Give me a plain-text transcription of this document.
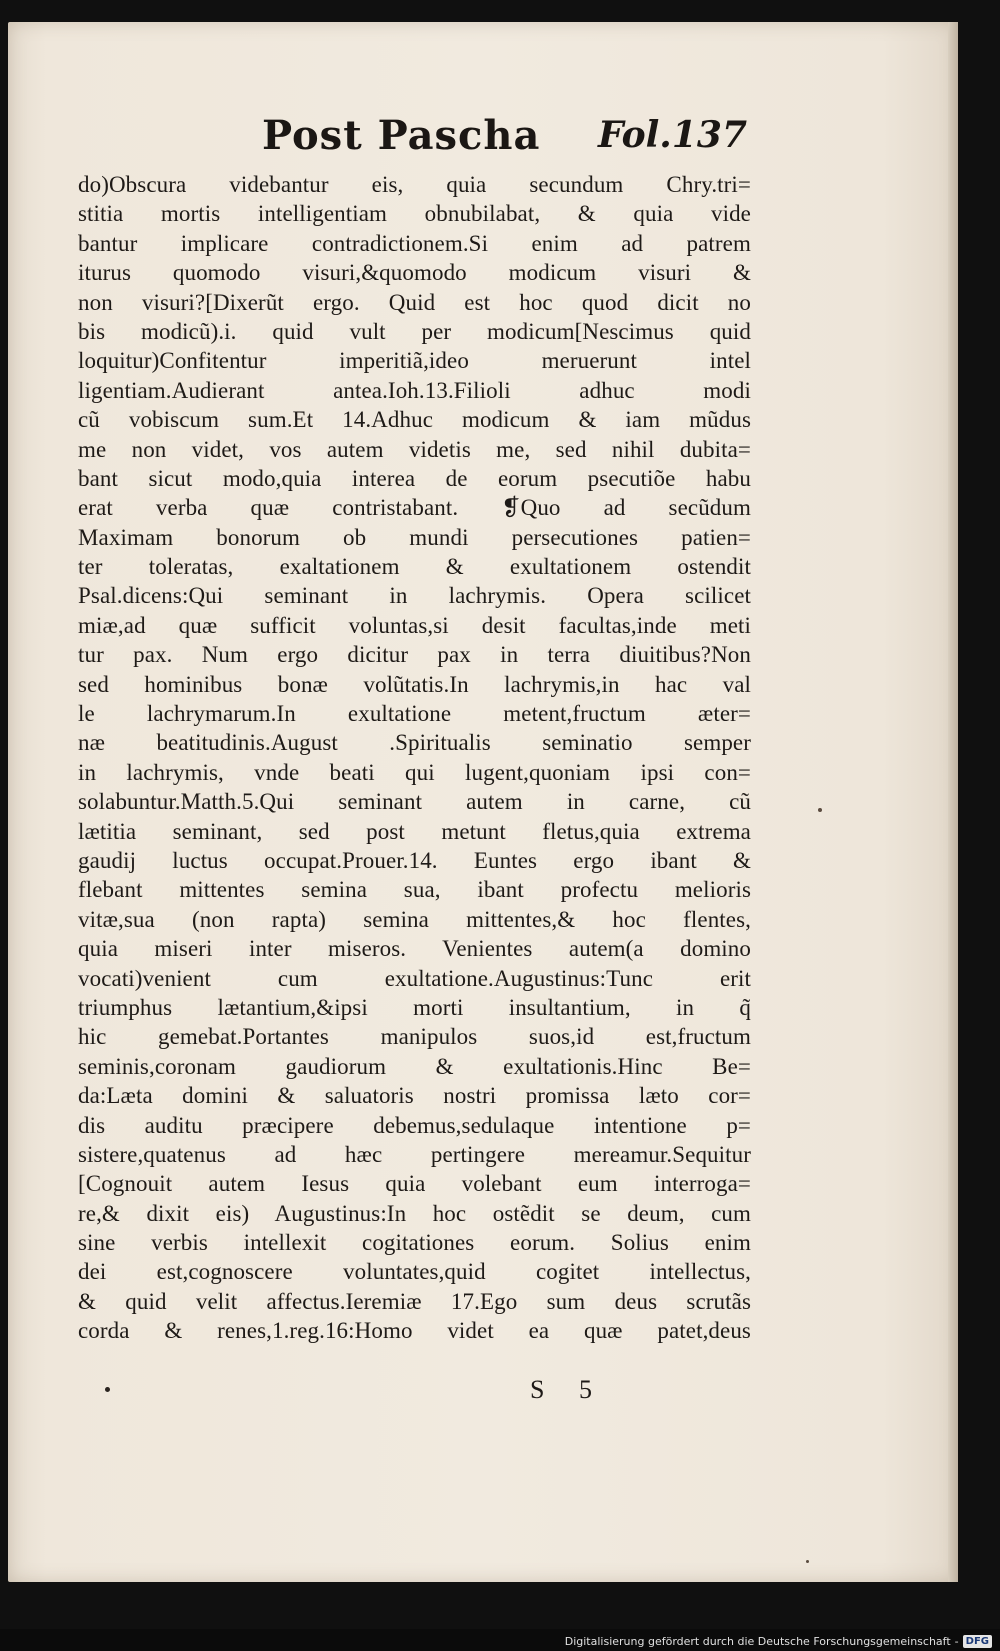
Post Pascha Fol.137
do)Obscura videbantur eis, quia secundum Chry.tri=
stitia mortis intelligentiam obnubilabat, & quia vide
bantur implicare contradictionem.Si enim ad patrem
iturus quomodo visuri,&quomodo modicum visuri &
non visuri?[Dixerũt ergo. Quid est hoc quod dicit no
bis modicũ).i. quid vult per modicum[Nescimus quid
loquitur)Confitentur imperitiã,ideo meruerunt intel
ligentiam.Audierant antea.Ioh.13.Filioli adhuc modi
cũ vobiscum sum.Et 14.Adhuc modicum & iam mũdus
me non videt, vos autem videtis me, sed nihil dubita=
bant sicut modo,quia interea de eorum psecutiõe habu
erat verba quæ contristabant. ❡Quo ad secũdum
Maximam bonorum ob mundi persecutiones patien=
ter toleratas, exaltationem & exultationem ostendit
Psal.dicens:Qui seminant in lachrymis. Opera scilicet
miæ,ad quæ sufficit voluntas,si desit facultas,inde meti
tur pax. Num ergo dicitur pax in terra diuitibus?Non
sed hominibus bonæ volũtatis.In lachrymis,in hac val
le lachrymarum.In exultatione metent,fructum æter=
næ beatitudinis.August .Spiritualis seminatio semper
in lachrymis, vnde beati qui lugent,quoniam ipsi con=
solabuntur.Matth.5.Qui seminant autem in carne, cũ
lætitia seminant, sed post metunt fletus,quia extrema
gaudij luctus occupat.Prouer.14. Euntes ergo ibant &
flebant mittentes semina sua, ibant profectu melioris
vitæ,sua (non rapta) semina mittentes,& hoc flentes,
quia miseri inter miseros. Venientes autem(a domino
vocati)venient cum exultatione.Augustinus:Tunc erit
triumphus lætantium,&ipsi morti insultantium, in q̃
hic gemebat.Portantes manipulos suos,id est,fructum
seminis,coronam gaudiorum & exultationis.Hinc Be=
da:Læta domini & saluatoris nostri promissa læto cor=
dis auditu præcipere debemus,sedulaque intentione p=
sistere,quatenus ad hæc pertingere mereamur.Sequitur
[Cognouit autem Iesus quia volebant eum interroga=
re,& dixit eis) Augustinus:In hoc ostẽdit se deum, cum
sine verbis intellexit cogitationes eorum. Solius enim
dei est,cognoscere voluntates,quid cogitet intellectus,
& quid velit affectus.Ieremiæ 17.Ego sum deus scrutãs
corda & renes,1.reg.16:Homo videt ea quæ patet,deus
S 5
Digitalisierung gefördert durch die Deutsche Forschungsgemeinschaft - DFG
